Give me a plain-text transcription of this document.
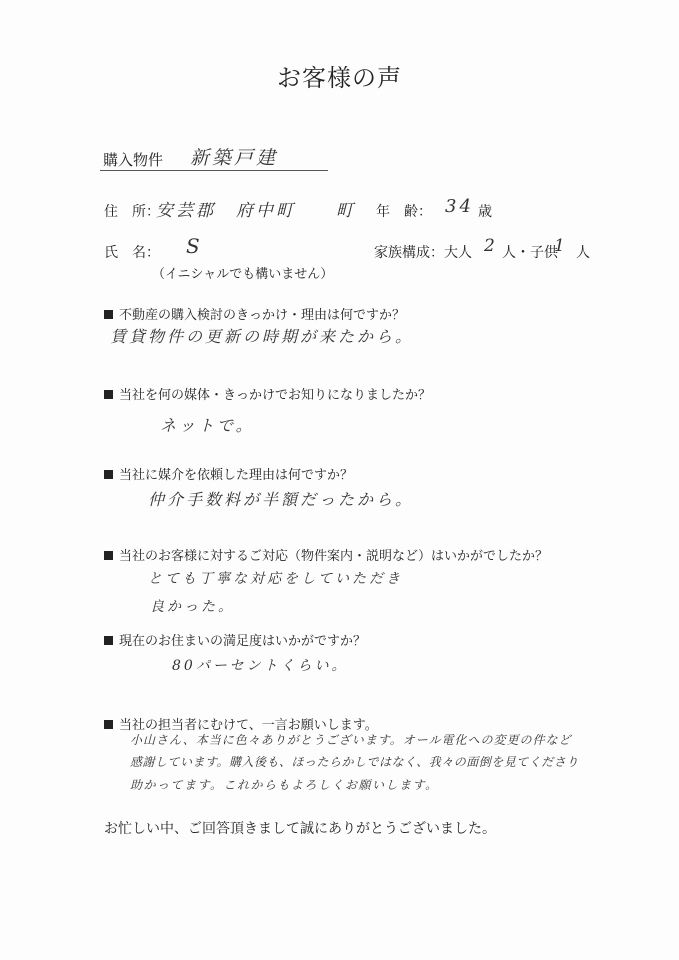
お客様の声
購入物件 新築戸建
住　所：
安芸郡　府中町　　町 年　齢： 34 歳
氏　名： S
（イニシャルでも構いません）
家族構成：大人 2 人・子供
1 人
不動産の購入検討のきっかけ・理由は何ですか？
賃貸物件の更新の時期が来たから。
当社を何の媒体・きっかけでお知りになりましたか？
ネットで。
当社に媒介を依頼した理由は何ですか？
仲介手数料が半額だったから。
当社のお客様に対するご対応（物件案内・説明など）はいかがでしたか？
とても丁寧な対応をしていただき
良かった。
現在のお住まいの満足度はいかがですか？
80パーセントくらい。
当社の担当者にむけて、一言お願いします。
小山さん、本当に色々ありがとうございます。オール電化への変更の件など
感謝しています。購入後も、ほったらかしではなく、我々の面倒を見てくださり
助かってます。これからもよろしくお願いします。
お忙しい中、ご回答頂きまして誠にありがとうございました。
